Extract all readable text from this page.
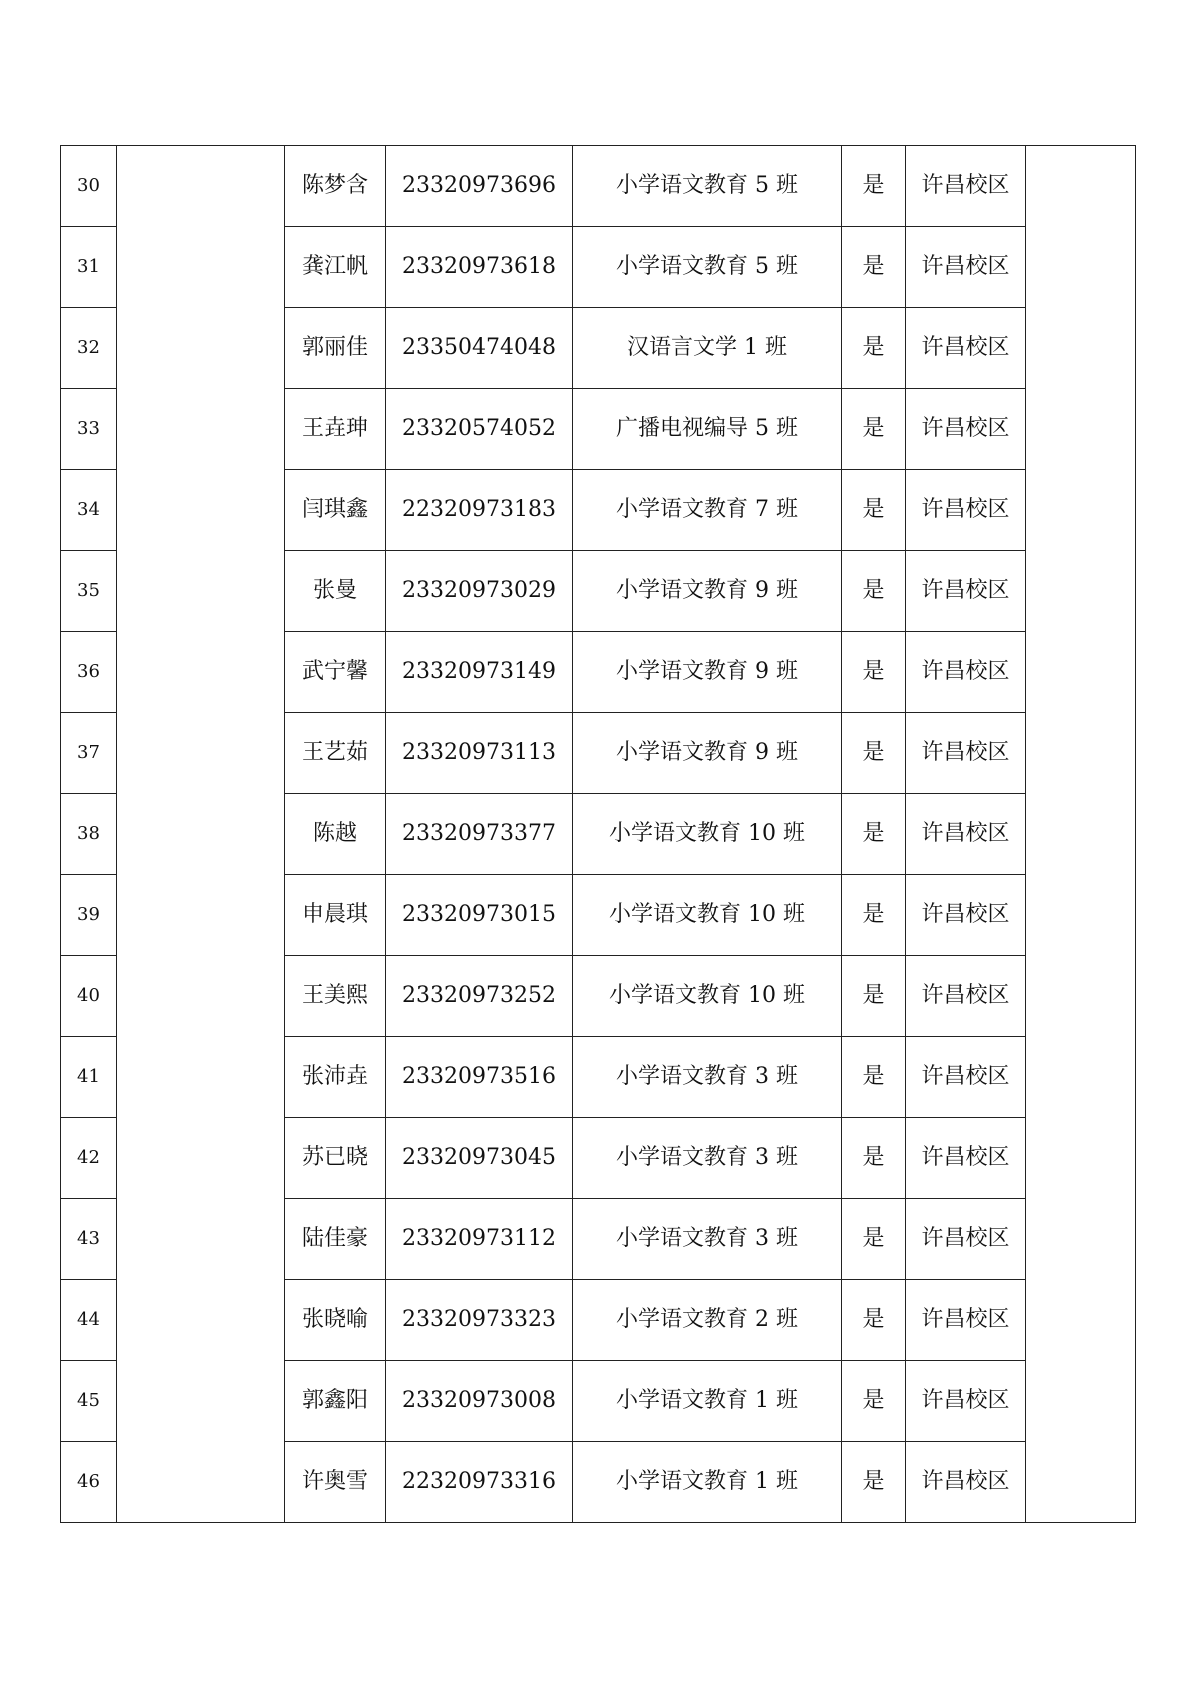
30		陈梦含	23320973696	小学语文教育 5 班	是	许昌校区	
31		龚江帆	23320973618	小学语文教育 5 班	是	许昌校区	
32		郭丽佳	23350474048	汉语言文学 1 班	是	许昌校区	
33		王垚珅	23320574052	广播电视编导 5 班	是	许昌校区	
34		闫琪鑫	22320973183	小学语文教育 7 班	是	许昌校区	
35		张曼	23320973029	小学语文教育 9 班	是	许昌校区	
36		武宁馨	23320973149	小学语文教育 9 班	是	许昌校区	
37		王艺茹	23320973113	小学语文教育 9 班	是	许昌校区	
38		陈越	23320973377	小学语文教育 10 班	是	许昌校区	
39		申晨琪	23320973015	小学语文教育 10 班	是	许昌校区	
40		王美熙	23320973252	小学语文教育 10 班	是	许昌校区	
41		张沛垚	23320973516	小学语文教育 3 班	是	许昌校区	
42		苏已晓	23320973045	小学语文教育 3 班	是	许昌校区	
43		陆佳豪	23320973112	小学语文教育 3 班	是	许昌校区	
44		张晓喻	23320973323	小学语文教育 2 班	是	许昌校区	
45		郭鑫阳	23320973008	小学语文教育 1 班	是	许昌校区	
46		许奥雪	22320973316	小学语文教育 1 班	是	许昌校区	
